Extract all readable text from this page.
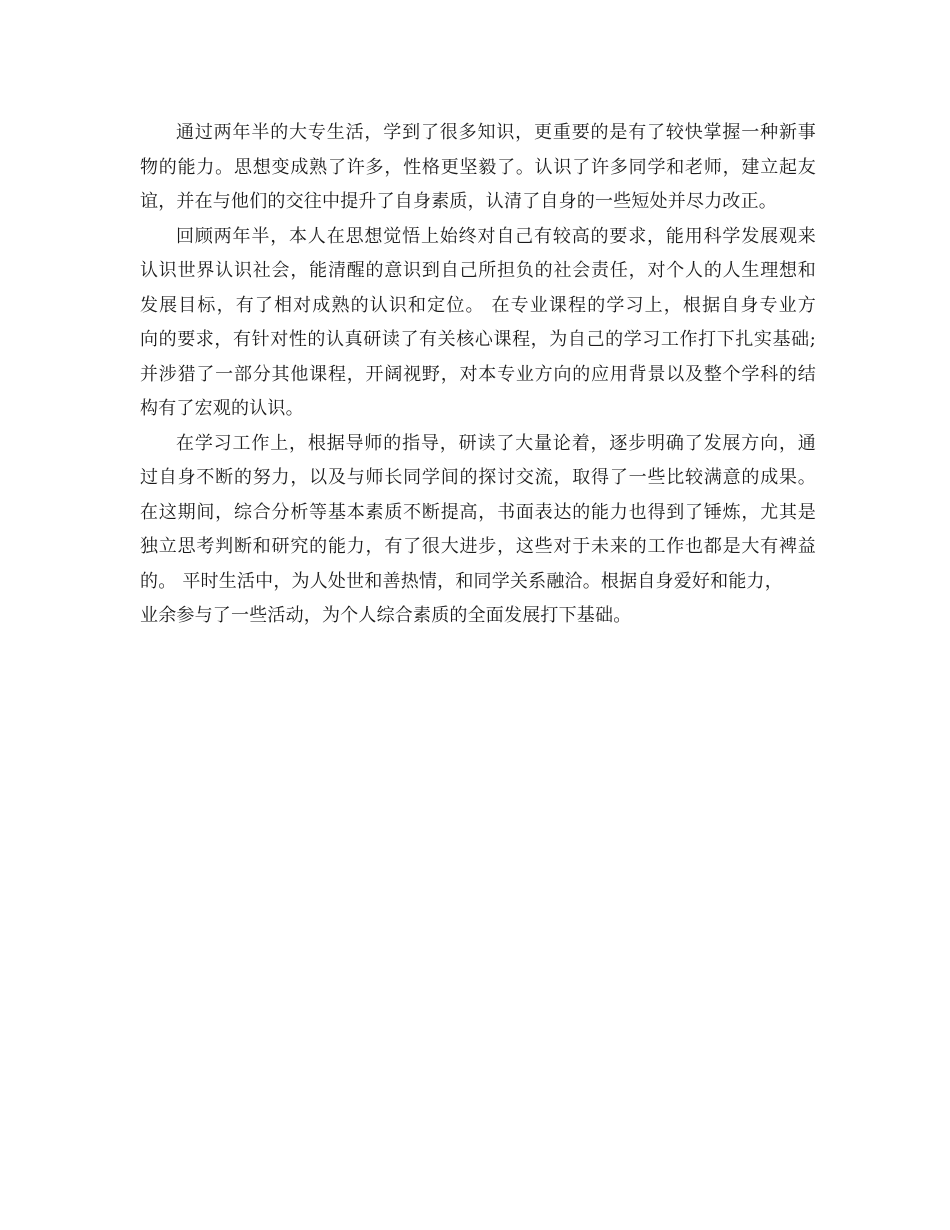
通过两年半的大专生活，学到了很多知识，更重要的是有了较快掌握一种新事
物的能力。思想变成熟了许多，性格更坚毅了。认识了许多同学和老师，建立起友
谊，并在与他们的交往中提升了自身素质，认清了自身的一些短处并尽力改正。
回顾两年半，本人在思想觉悟上始终对自己有较高的要求，能用科学发展观来
认识世界认识社会，能清醒的意识到自己所担负的社会责任，对个人的人生理想和
发展目标，有了相对成熟的认识和定位。 在专业课程的学习上，根据自身专业方
向的要求，有针对性的认真研读了有关核心课程，为自己的学习工作打下扎实基础;
并涉猎了一部分其他课程，开阔视野，对本专业方向的应用背景以及整个学科的结
构有了宏观的认识。
在学习工作上，根据导师的指导，研读了大量论着，逐步明确了发展方向，通
过自身不断的努力，以及与师长同学间的探讨交流，取得了一些比较满意的成果。
在这期间，综合分析等基本素质不断提高，书面表达的能力也得到了锤炼，尤其是
独立思考判断和研究的能力，有了很大进步，这些对于未来的工作也都是大有裨益
的。 平时生活中，为人处世和善热情，和同学关系融洽。根据自身爱好和能力，
业余参与了一些活动，为个人综合素质的全面发展打下基础。
